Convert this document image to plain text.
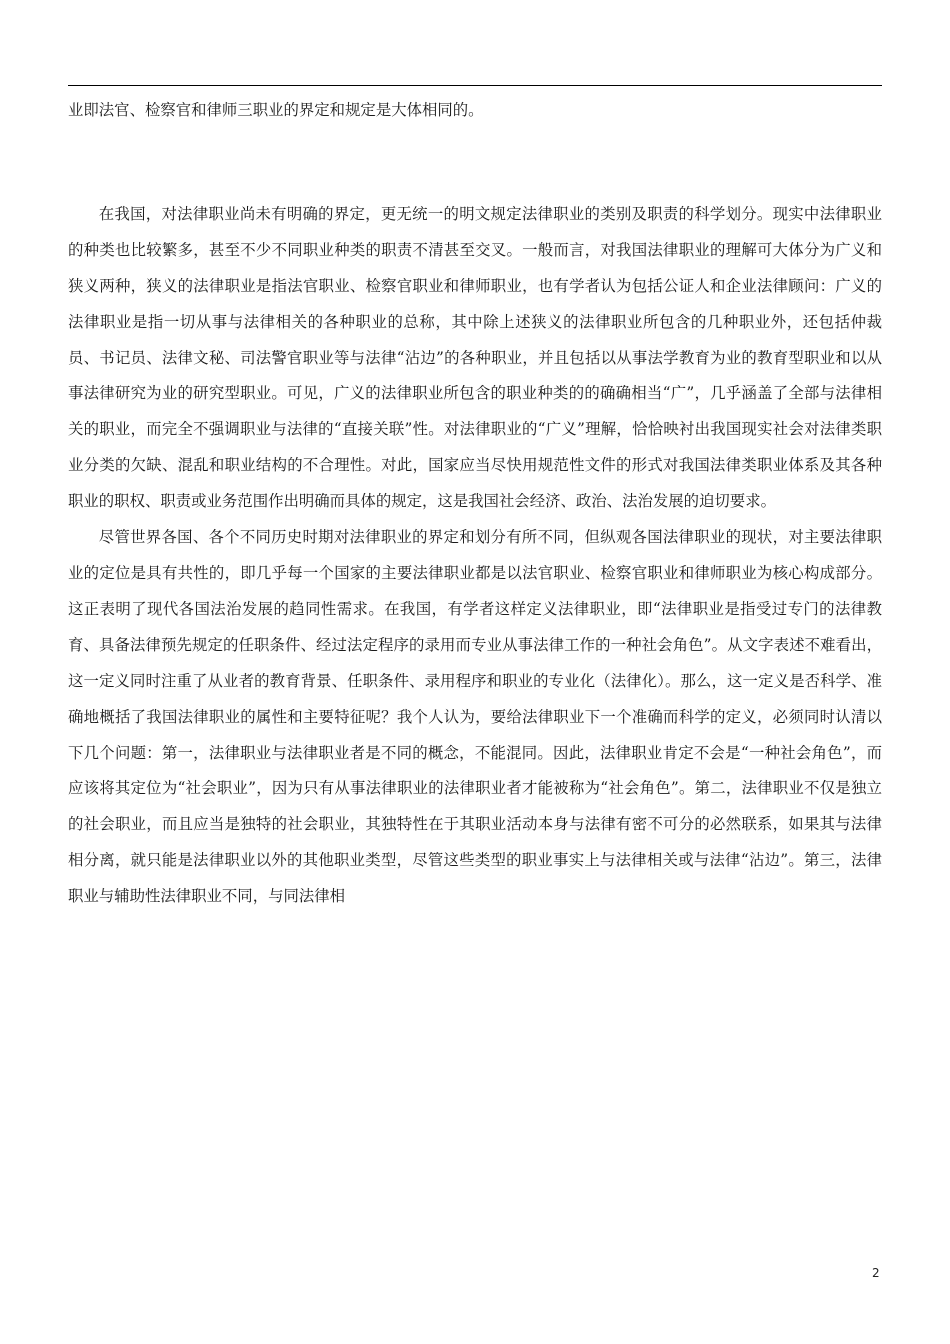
业即法官、检察官和律师三职业的界定和规定是大体相同的。

在我国，对法律职业尚未有明确的界定，更无统一的明文规定法律职业的类别及职责的科学划分。现实中法律职业的种类也比较繁多，甚至不少不同职业种类的职责不清甚至交叉。一般而言，对我国法律职业的理解可大体分为广义和狭义两种，狭义的法律职业是指法官职业、检察官职业和律师职业，也有学者认为包括公证人和企业法律顾问：广义的法律职业是指一切从事与法律相关的各种职业的总称，其中除上述狭义的法律职业所包含的几种职业外，还包括仲裁员、书记员、法律文秘、司法警官职业等与法律“沾边”的各种职业，并且包括以从事法学教育为业的教育型职业和以从事法律研究为业的研究型职业。可见，广义的法律职业所包含的职业种类的的确确相当“广”，几乎涵盖了全部与法律相关的职业，而完全不强调职业与法律的“直接关联”性。对法律职业的“广义”理解，恰恰映衬出我国现实社会对法律类职业分类的欠缺、混乱和职业结构的不合理性。对此，国家应当尽快用规范性文件的形式对我国法律类职业体系及其各种职业的职权、职责或业务范围作出明确而具体的规定，这是我国社会经济、政治、法治发展的迫切要求。

尽管世界各国、各个不同历史时期对法律职业的界定和划分有所不同，但纵观各国法律职业的现状，对主要法律职业的定位是具有共性的，即几乎每一个国家的主要法律职业都是以法官职业、检察官职业和律师职业为核心构成部分。这正表明了现代各国法治发展的趋同性需求。在我国，有学者这样定义法律职业，即“法律职业是指受过专门的法律教育、具备法律预先规定的任职条件、经过法定程序的录用而专业从事法律工作的一种社会角色”。从文字表述不难看出，这一定义同时注重了从业者的教育背景、任职条件、录用程序和职业的专业化（法律化）。那么，这一定义是否科学、准确地概括了我国法律职业的属性和主要特征呢？我个人认为，要给法律职业下一个准确而科学的定义，必须同时认清以下几个问题：第一，法律职业与法律职业者是不同的概念，不能混同。因此，法律职业肯定不会是“一种社会角色”，而应该将其定位为“社会职业”，因为只有从事法律职业的法律职业者才能被称为“社会角色”。第二，法律职业不仅是独立的社会职业，而且应当是独特的社会职业，其独特性在于其职业活动本身与法律有密不可分的必然联系，如果其与法律相分离，就只能是法律职业以外的其他职业类型，尽管这些类型的职业事实上与法律相关或与法律“沾边”。第三，法律职业与辅助性法律职业不同，与同法律相

2
